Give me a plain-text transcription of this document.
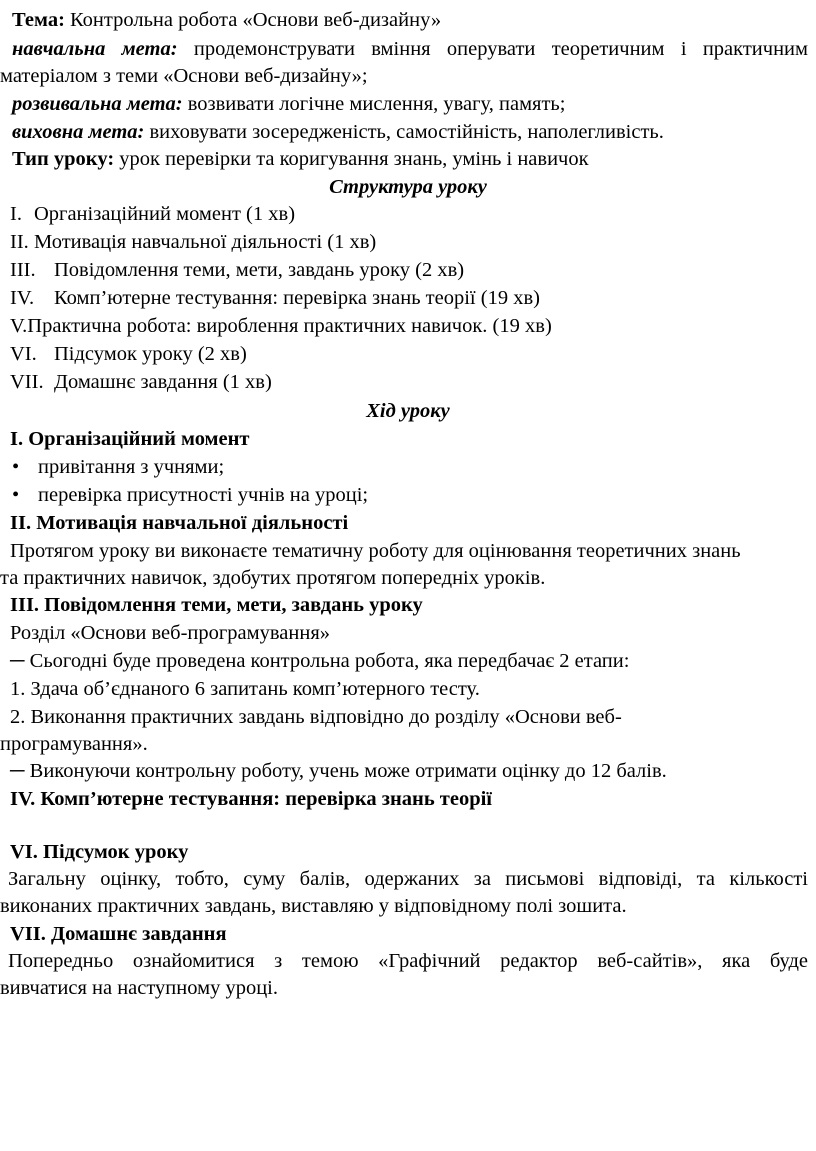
Тема: Контрольна робота «Основи веб-дизайну»
навчальна мета: продемонструвати вміння оперувати теоретичним і практичним
матеріалом з теми «Основи веб-дизайну»;
розвивальна мета: возвивати логічне мислення, увагу, память;
виховна мета: виховувати зосередженість, самостійність, наполегливість.
Тип уроку: урок перевірки та коригування знань, умінь і навичок
Структура уроку
I. Організаційний момент (1 хв)
II. Мотивація навчальної діяльності (1 хв)
III. Повідомлення теми, мети, завдань уроку (2 хв)
IV. Комп’ютерне тестування: перевірка знань теорії (19 хв)
V.Практична робота: вироблення практичних навичок. (19 хв)
VI. Підсумок уроку (2 хв)
VII. Домашнє завдання (1 хв)
Хід уроку
І. Організаційний момент
• привітання з учнями;
• перевірка присутності учнів на уроці;
ІІ. Мотивація навчальної діяльності
Протягом уроку ви виконаєте тематичну роботу для оцінювання теоретичних знань
та практичних навичок, здобутих протягом попередніх уроків.
ІІІ. Повідомлення теми, мети, завдань уроку
Розділ «Основи веб-програмування»
─ Сьогодні буде проведена контрольна робота, яка передбачає 2 етапи:
1. Здача об’єднаного 6 запитань комп’ютерного тесту.
2. Виконання практичних завдань відповідно до розділу «Основи веб-
програмування».
─ Виконуючи контрольну роботу, учень може отримати оцінку до 12 балів.
IV. Комп’ютерне тестування: перевірка знань теорії
VI. Підсумок уроку
Загальну оцінку, тобто, суму балів, одержаних за письмові відповіді, та кількості
виконаних практичних завдань, виставляю у відповідному полі зошита.
VII. Домашнє завдання
Попередньо ознайомитися з темою «Графічний редактор веб-сайтів», яка буде
вивчатися на наступному уроці.
